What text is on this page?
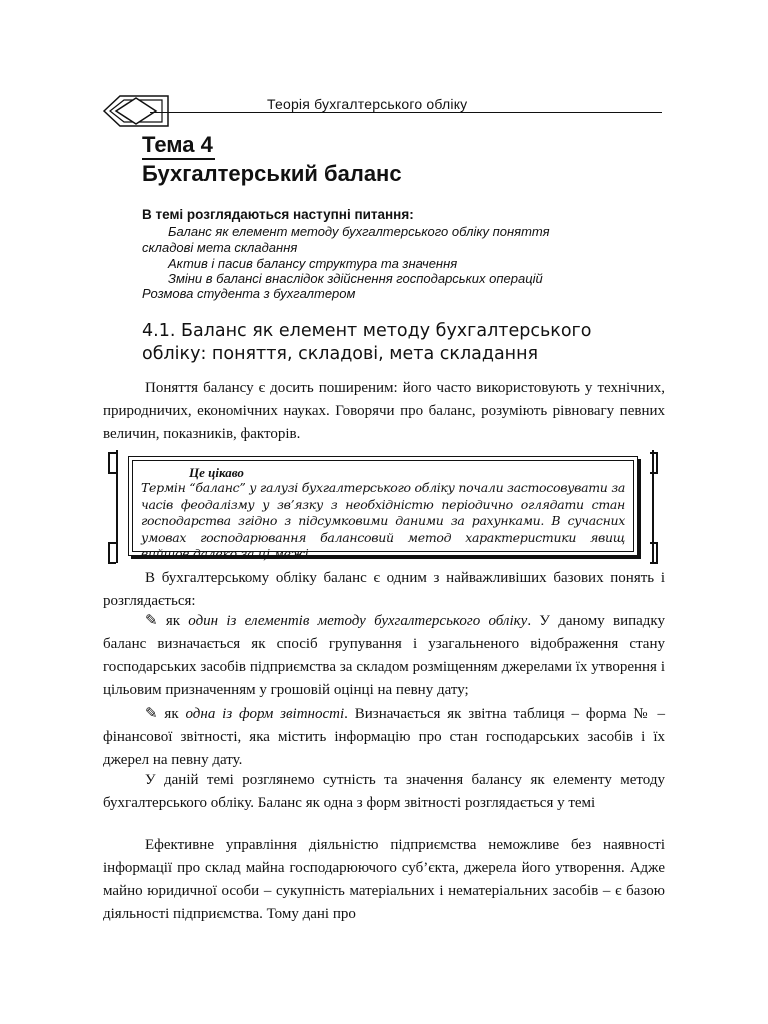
Теорія бухгалтерського обліку
Тема 4
Бухгалтерський баланс
В темі розглядаються наступні питання:
Баланс як елемент методу бухгалтерського обліку поняття
складові мета складання
Актив і пасив балансу структура та значення
Зміни в балансі внаслідок здійснення господарських операцій
Розмова студента з бухгалтером
4.1. Баланс як елемент методу бухгалтерського
обліку: поняття, складові, мета складання
Поняття балансу є досить поширеним: його часто використовують у технічних, природничих, економічних науках. Говорячи про баланс, розуміють рівновагу певних величин, показників, факторів.
Це цікаво
Термін “баланс” у галузі бухгалтерського обліку почали застосовувати за часів феодалізму у зв’язку з необхідністю періодично оглядати стан господарства згідно з підсумковими даними за рахунками. В сучасних умовах господарювання балансовий метод характеристики явищ вийшов далеко за ці межі
В бухгалтерському обліку баланс є одним з найважливіших базових понять і розглядається:
✎ як один із елементів методу бухгалтерського обліку. У даному випадку баланс визначається як спосіб групування і узагальненого відображення стану господарських засобів підприємства за складом розміщенням джерелами їх утворення і цільовим призначенням у грошовій оцінці на певну дату;
✎ як одна із форм звітності. Визначається як звітна таблиця – форма № – фінансової звітності, яка містить інформацію про стан господарських засобів і їх джерел на певну дату.
У даній темі розглянемо сутність та значення балансу як елементу методу бухгалтерського обліку. Баланс як одна з форм звітності розглядається у темі
Ефективне управління діяльністю підприємства неможливе без наявності інформації про склад майна господарюючого суб’єкта, джерела його утворення. Адже майно юридичної особи – сукупність матеріальних і нематеріальних засобів – є базою діяльності підприємства. Тому дані про
